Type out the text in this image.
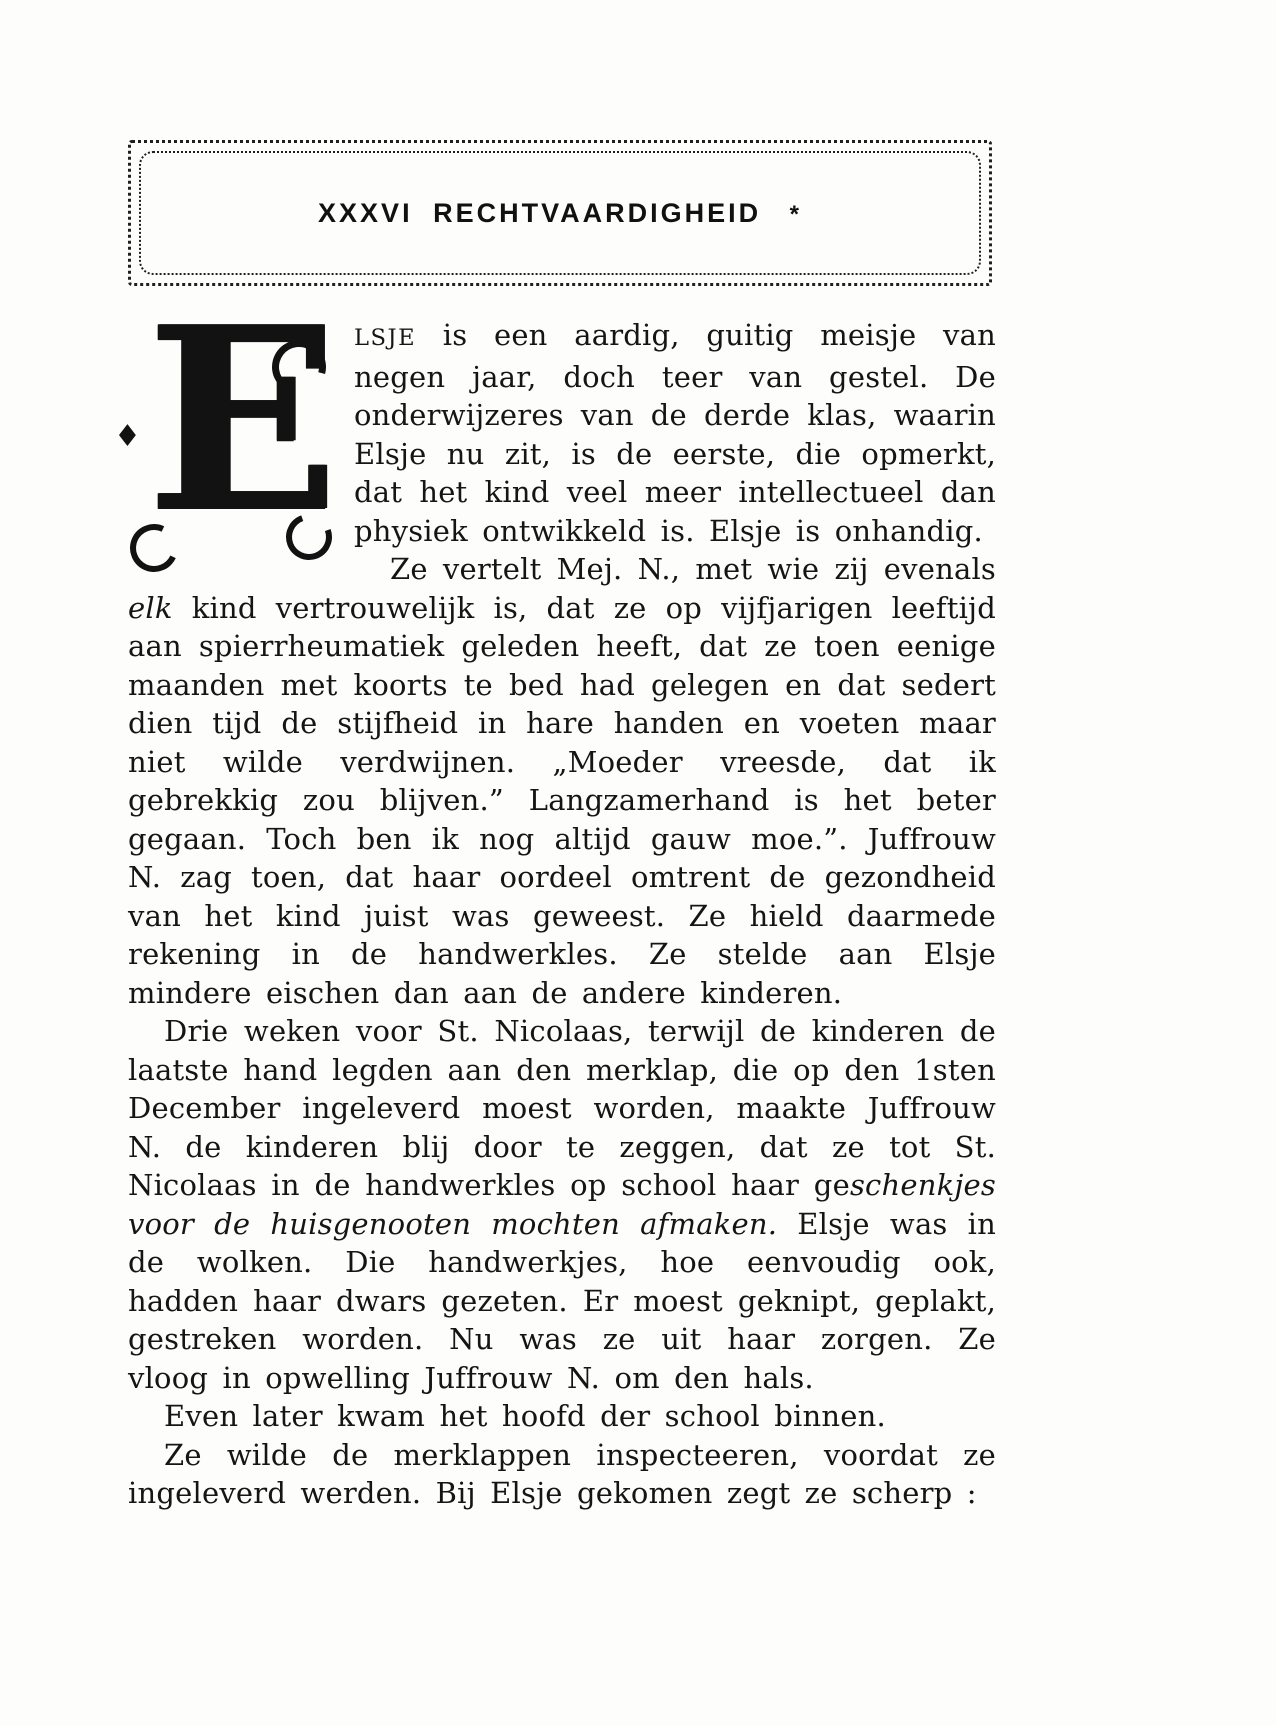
XXXVI RECHTVAARDIGHEID *
E LSJE is een aardig, guitig meisje van negen jaar, doch teer van gestel. De onderwijzeres van de derde klas, waarin Elsje nu zit, is de eerste, die opmerkt, dat het kind veel meer intellectueel dan physiek ontwikkeld is. Elsje is onhandig.

Ze vertelt Mej. N., met wie zij evenals elk kind vertrouwelijk is, dat ze op vijfjarigen leeftijd aan spierrheumatiek geleden heeft, dat ze toen eenige maanden met koorts te bed had gelegen en dat sedert dien tijd de stijfheid in hare handen en voeten maar niet wilde verdwijnen. „Moeder vreesde, dat ik gebrekkig zou blijven.” Langzamerhand is het beter gegaan. Toch ben ik nog altijd gauw moe.”. Juffrouw N. zag toen, dat haar oordeel omtrent de gezondheid van het kind juist was geweest. Ze hield daarmede rekening in de handwerkles. Ze stelde aan Elsje mindere eischen dan aan de andere kinderen.

Drie weken voor St. Nicolaas, terwijl de kinderen de laatste hand legden aan den merklap, die op den 1sten December ingeleverd moest worden, maakte Juffrouw N. de kinderen blij door te zeggen, dat ze tot St. Nicolaas in de handwerkles op school haar geschenkjes voor de huisgenooten mochten afmaken. Elsje was in de wolken. Die handwerkjes, hoe eenvoudig ook, hadden haar dwars gezeten. Er moest geknipt, geplakt, gestreken worden. Nu was ze uit haar zorgen. Ze vloog in opwelling Juffrouw N. om den hals.

Even later kwam het hoofd der school binnen.

Ze wilde de merklappen inspecteeren, voordat ze ingeleverd werden. Bij Elsje gekomen zegt ze scherp :
